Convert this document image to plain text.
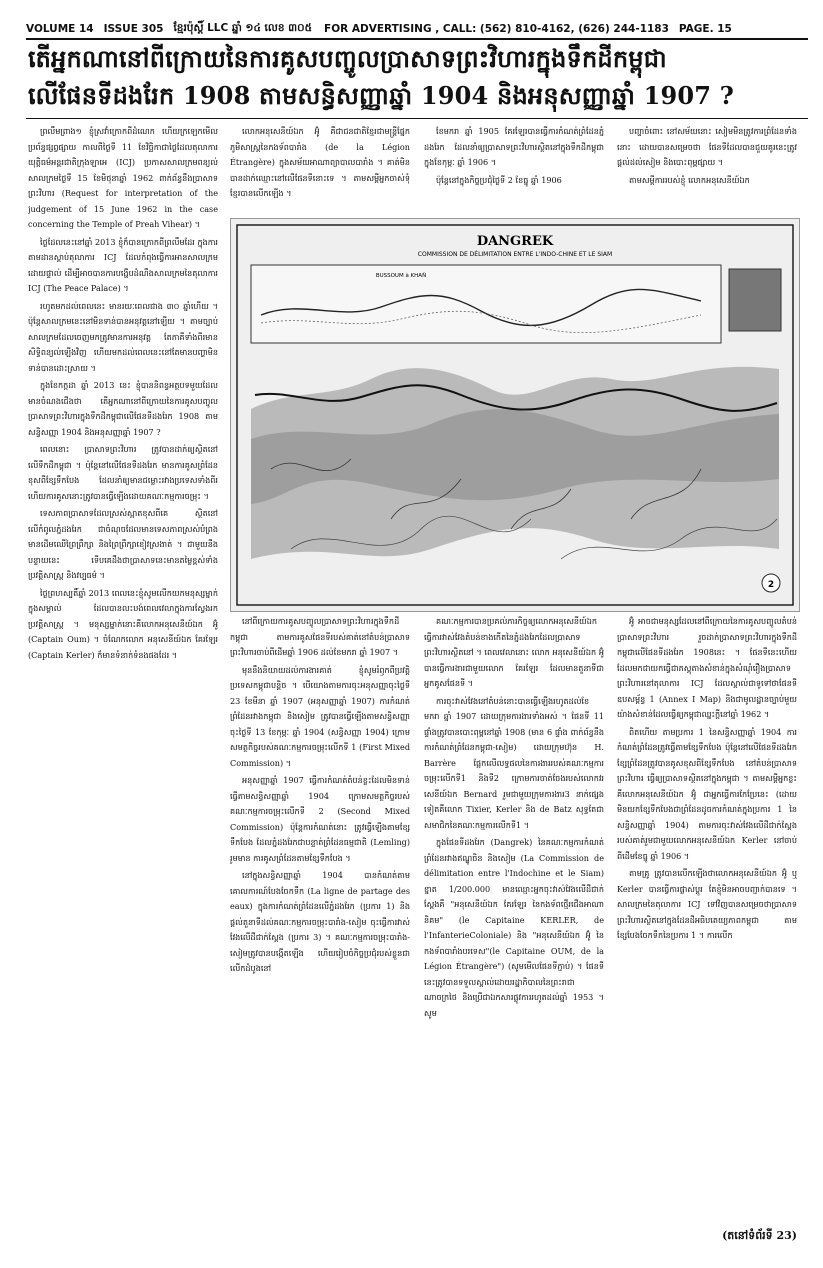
VOLUME 14 ISSUE 305 ខ្មែរប៉ុស្តិ៍ LLC ឆ្នាំ ១៤ លេខ ៣០៥ FOR ADVERTISING , CALL: (562) 810-4162, (626) 244-1183 PAGE. 15
តើអ្នកណានៅពីក្រោយនៃការគូសបញ្ចូលប្រាសាទព្រះវិហារក្នុងទឹកដីកម្ពុជា
លើផែនទីដងរែក 1908 តាមសន្ធិសញ្ញាឆ្នាំ 1904 និងអនុសញ្ញាឆ្នាំ 1907 ?

ព្រលឹមព្រាង១ ខ្ញុំស្រវាំក្រោកពីដំណេក ហើយក្រឡេកមើលប្រព័ន្ធផ្សព្វផ្សាយ កាលពីថ្ងៃទី 11 ខែវិច្ឆិកាជាថ្ងៃដែលតុលាការយុត្តិធម៌អន្តរជាតិក្រុងឡាអេ (ICJ) ប្រកាសសាលក្រមពន្យល់សាលក្រមថ្ងៃទី 15 ខែមិថុនាឆ្នាំ 1962 ពាក់ព័ន្ធនឹងប្រាសាទព្រះវិហារ (Request for interpretation of the judgement of 15 June 1962 in the case concerning the Temple of Preah Vihear) ។

ថ្ងៃដែលនេះនៅឆ្នាំ 2013 ខ្ញុំក៏បានក្រោកពីព្រលឹមដែរ ក្នុងការតាមដានស្តាប់តុលាការ ICJ ដែលកំពុងធ្វើការអានសាលក្រមដោយផ្ទាល់ ដើម្បីអាចបានការបង្ហើបដំណឹងសាលក្រមនៃតុលាការ ICJ (The Peace Palace) ។

រហូតមកដល់ពេលនេះ មានរយៈពេលជាង ៣០ ឆ្នាំហើយ ។ ប៉ុន្តែសាលក្រមនេះនៅមិនទាន់បានអនុវត្តនៅឡើយ ។ តាមច្បាប់សាលក្រមដែលចេញមកត្រូវមានការអនុវត្ត តែភាគីទាំងពីរមានសិទ្ធិពន្យល់ឡើងវិញ ហើយមកដល់ពេលនេះនៅតែមានបញ្ហាមិនទាន់បានដោះស្រាយ ។

ក្នុងខែកក្កដា ឆ្នាំ 2013 នេះ ខ្ញុំបាននិពន្ធអត្ថបទមួយដែលមានចំណងជើងថា តើអ្នកណានៅពីក្រោយនៃការគូសបញ្ចូលប្រាសាទព្រះវិហារក្នុងទឹកដីកម្ពុជាលើផែនទីដងរែក 1908 តាមសន្ធិសញ្ញា 1904 និងអនុសញ្ញាឆ្នាំ 1907 ?

ពេលនោះ ប្រាសាទព្រះវិហារ ត្រូវបានដាក់ឲ្យស្ថិតនៅលើទឹកដីកម្ពុជា ។ ប៉ុន្តែនៅលើផែនទីដងរែក មានការគូសព្រំដែនខុសពីខ្សែទឹកបែង ដែលនាំឲ្យមានជម្លោះរវាងប្រទេសទាំងពីរ ហើយការគូសនោះត្រូវបានធ្វើឡើងដោយគណៈកម្មការចម្រុះ ។

ទេសភាពប្រាសាទដែលស្រស់ស្អាតខុសពីគេ ស្ថិតនៅលើកំពូលភ្នំដងរែក ជាចំណុចដែលមានទេសភាពស្រស់បំព្រង មានដើមឈើព្រៃព្រឹក្សា និងព្រៃព្រឹក្សាខៀវស្រងាត់ ។ ជាមួយនឹងបន្ទាយនេះ ទើបគេដឹងថាប្រាសាទនេះមានតម្លៃខ្ពស់ទាំងប្រវត្តិសាស្ត្រ និងវប្បធម៌ ។

ថ្ងៃព្រហស្បតិ៍ឆ្នាំ 2013 ពេលនេះខ្ញុំសូមលើកយកមនុស្សម្នាក់ក្នុងសម្គាល់ ដែលបានលះបង់ពេលវេលាក្នុងការស្វែងរកប្រវត្តិសាស្ត្រ ។ មនុស្សម្នាក់នោះគឺលោកអនុសេនីយ៍ឯក អ៊ូំ (Captain Oum) ។ ចំណែកលោក អនុសេនីយ៍ឯក គែរឡែរ (Captain Kerler) ក៏មានទំនាក់ទំនងផងដែរ ។

លោកអនុសេនីយ៍ឯក អ៊ូំ គឺជាជនជាតិខ្មែរជាមន្ត្រីផ្នែកភូមិសាស្ត្រនៃកងទ័ពបារាំង (de la Légion Étrangère) ក្នុងសម័យអាណាព្យាបាលបារាំង ។ គាត់មិនបានដាក់ឈ្មោះនៅលើផែនទីនោះទេ ។ តាមសម្តីអ្នកចាស់ទុំខ្មែរបានលើកឡើង ។

ខែមករា ឆ្នាំ 1905 គែរឡែរបានធ្វើការកំណត់ព្រំដែនភ្នំដងរែក ដែលនាំឲ្យប្រាសាទព្រះវិហារស្ថិតនៅក្នុងទឹកដីកម្ពុជា ក្នុងខែកុម្ភៈ ឆ្នាំ 1906 ។

ប៉ុន្តែនៅក្នុងកិច្ចប្រជុំថ្ងៃទី 2 ខែធ្នូ ឆ្នាំ 1906

បញ្ហាចំពោះ នៅសម័យនោះ សៀមមិនត្រូវការព្រំដែនទាំងនោះ ដោយបានសម្រេចថា ផែនទីដែលបានជួយគូរនេះត្រូវផ្តល់ដល់សៀម និងបោះពុម្ពផ្សាយ ។

តាមសម្តីការរបស់ខ្ញុំ លោកអនុសេនីយ៍ឯក

DANGREK
COMMISSION DE DÉLIMITATION ENTRE L'INDO-CHINE ET LE SIAM
BUSSOUM à KHAÑ
2

នៅពីក្រោយការគូសបញ្ចូលប្រាសាទព្រះវិហារក្នុងទឹកដីកម្ពុជា តាមការគូសផែនទីរបស់គាត់នៅតំបន់ប្រាសាទព្រះវិហារចាប់ពីដើមឆ្នាំ 1906 ដល់ខែមករា ឆ្នាំ 1907 ។

មុននឹងនិយាយដល់ការងារគាត់ ខ្ញុំសូមរំឭកពីប្រវត្តិប្រទេសកម្ពុជាបន្តិច ។ បើយោងតាមការចុះអនុសញ្ញាចុះថ្ងៃទី 23 ខែមីនា ឆ្នាំ 1907 (អនុសញ្ញាឆ្នាំ 1907) ការកំណត់ព្រំដែនរវាងកម្ពុជា និងសៀម ត្រូវបានធ្វើឡើងតាមសន្ធិសញ្ញាចុះថ្ងៃទី 13 ខែកុម្ភៈ ឆ្នាំ 1904 (សន្ធិសញ្ញា 1904) ក្រោមសមត្ថកិច្ចរបស់គណៈកម្មការចម្រុះលើកទី 1 (First Mixed Commission) ។

អនុសញ្ញាឆ្នាំ 1907 ធ្វើការកំណត់តំបន់ខ្លះដែលមិនទាន់ធ្វើតាមសន្ធិសញ្ញាឆ្នាំ 1904 ក្រោមសមត្ថកិច្ចរបស់គណៈកម្មការចម្រុះលើកទី 2 (Second Mixed Commission) ប៉ុន្តែការកំណត់នោះ ត្រូវធ្វើឡើងតាមខ្សែទឹកបែង ដែលភ្នំដងរែកជាបន្ទាត់ព្រំដែនធម្មជាតិ (Lemling) រួមមាន ការគូសព្រំដែនតាមខ្សែទឹកបែង ។

នៅក្នុងសន្ធិសញ្ញាឆ្នាំ 1904 បានកំណត់តាមគោលការណ៍បែងចែកទឹក (La ligne de partage des eaux) ក្នុងការកំណត់ព្រំដែនលើភ្នំដងរែក (ប្រការ 1) និងផ្តល់តួនាទីដល់គណៈកម្មការចម្រុះបារាំង-សៀម ចុះធ្វើការវាស់វែងលើដីជាក់ស្តែង (ប្រការ 3) ។ គណៈកម្មការចម្រុះបារាំង-សៀមត្រូវបានបង្កើតឡើង ហើយរៀបចំកិច្ចប្រជុំរបស់ខ្លួនជាលើកដំបូងនៅ

គណៈកម្មការបានប្រគល់ភារកិច្ចឲ្យលោកអនុសេនីយ៍ឯក ធ្វើការវាស់វែងតំបន់ខាងកើតនៃភ្នំដងរែកដែលប្រាសាទព្រះវិហារស្ថិតនៅ ។ ពេលវេលានោះ លោក អនុសេនីយ៍ឯក អ៊ូំ បានធ្វើការងារជាមួយលោក គែរឡែរ ដែលមានតួនាទីជាអ្នកគូសផែនទី ។

ការចុះវាស់វែងនៅតំបន់នោះបានធ្វើឡើងរហូតដល់ខែមករា ឆ្នាំ 1907 ដោយក្រុមការងារទាំងអស់ ។ ផែនទី 11 ផ្ទាំងត្រូវបានបោះពុម្ពនៅឆ្នាំ 1908 (មាន 6 ផ្ទាំង ពាក់ព័ន្ធនឹងការកំណត់ព្រំដែនកម្ពុជា-សៀម) ដោយក្រុមហ៊ុន H. Barrère ផ្អែកលើលទ្ធផលនៃការងាររបស់គណៈកម្មការចម្រុះលើកទី1 និងទី2 ក្រោមការចាត់ចែងរបស់លោកវរសេនីយ៍ឯក Bernard រួមជាមួយក្រុមការងារ3 នាក់ផ្សេងទៀតគឺលោក Tixier, Kerler និង de Batz សុទ្ធតែជាសមាជិកនៃគណៈកម្មការលើកទី1 ។

ក្នុងផែនទីដងរែក (Dangrek) នៃគណៈកម្មការកំណត់ព្រំដែនរវាងឥណ្ឌូចិន និងសៀម (La Commission de délimitation entre l'Indochine et le Siam) ខ្នាត 1/200.000 មានឈ្មោះអ្នកចុះវាស់វែងលើដីជាក់ស្តែងគឺ "អនុសេនីយ៍ឯក គែរឡែរ នៃកងទ័ពថ្មើរជើងអាណានិគម" (le Capitaine KERLER, de l'InfanterieColoniale) និង "អនុសេនីយ៍ឯក អ៊ូំ នៃកងទ័ពបារាំងបរទេស"(le Capitaine OUM, de la Légion Étrangère") (សូមមើលផែនទីភ្ជាប់) ។ ផែនទីនេះត្រូវបានទទួលស្គាល់ដោយរដ្ឋាភិបាលនៃព្រះរាជាណាចក្រថៃ និងប្រើជាឯកសារផ្លូវការរហូតដល់ឆ្នាំ 1953 ។ សូម

អ៊ូំ អាចជាមនុស្សដែលនៅពីក្រោយនៃការគូសបញ្ចូលតំបន់ប្រាសាទព្រះវិហារ រួចដាក់ប្រាសាទព្រះវិហារក្នុងទឹកដីកម្ពុជាលើផែនទីដងរែក 1908នេះ ។ ផែនទីនេះហើយដែលមកជាយកធ្វើជាភស្តុតាងសំខាន់ក្នុងសំណុំរឿងប្រាសាទព្រះវិហារនៅតុលាការ ICJ ដែលស្គាល់ជាទូទៅថាផែនទីឧបសម្ព័ន្ធ 1 (Annex I Map) និងជាមូលដ្ឋានច្បាប់មួយយ៉ាងសំខាន់ដែលធ្វើឲ្យកម្ពុជាឈ្នះក្តីនៅឆ្នាំ 1962 ។

ពិតហើយ តាមប្រការ 1 នៃសន្ធិសញ្ញាឆ្នាំ 1904 ការកំណត់ព្រំដែនត្រូវធ្វើតាមខ្សែទឹកបែង ប៉ុន្តែនៅលើផែនទីដងរែក ខ្សែព្រំដែនត្រូវបានគូសខុសពីខ្សែទឹកបែង នៅតំបន់ប្រាសាទព្រះវិហារ ធ្វើឲ្យប្រាសាទស្ថិតនៅក្នុងកម្ពុជា ។ តាមសម្តីអ្នកខ្លះ គឺលោកអនុសេនីយ៍ឯក អ៊ូំ ជាអ្នកធ្វើការកែប្រែនេះ (ដោយមិនយកខ្សែទឹកបែងជាព្រំដែនដូចការកំណត់ក្នុងប្រការ 1 នៃសន្ធិសញ្ញាឆ្នាំ 1904) តាមការចុះវាស់វែងលើដីជាក់ស្តែងរបស់គាត់រួមជាមួយលោកអនុសេនីយ៍ឯក Kerler នៅចាប់ពីដើមខែធ្នូ ឆ្នាំ 1906 ។

តាមគ្រូ ត្រូវបានលើកឡើងថាលោកអនុសេនីយ៍ឯក អ៊ូំ ឬ Kerler បានធ្វើការផ្លាស់ប្តូរ តែខ្ញុំមិនអាចបញ្ជាក់បានទេ ។ សាលក្រមនៃតុលាការ ICJ ទៅវិញបានសម្រេចថាប្រាសាទព្រះវិហារស្ថិតនៅក្នុងដែនដីអធិបតេយ្យភាពកម្ពុជា តាមខ្សែបែងចែកទឹកនៃប្រការ 1 ។ ការលើក

(តនៅទំព័រទី 23)
